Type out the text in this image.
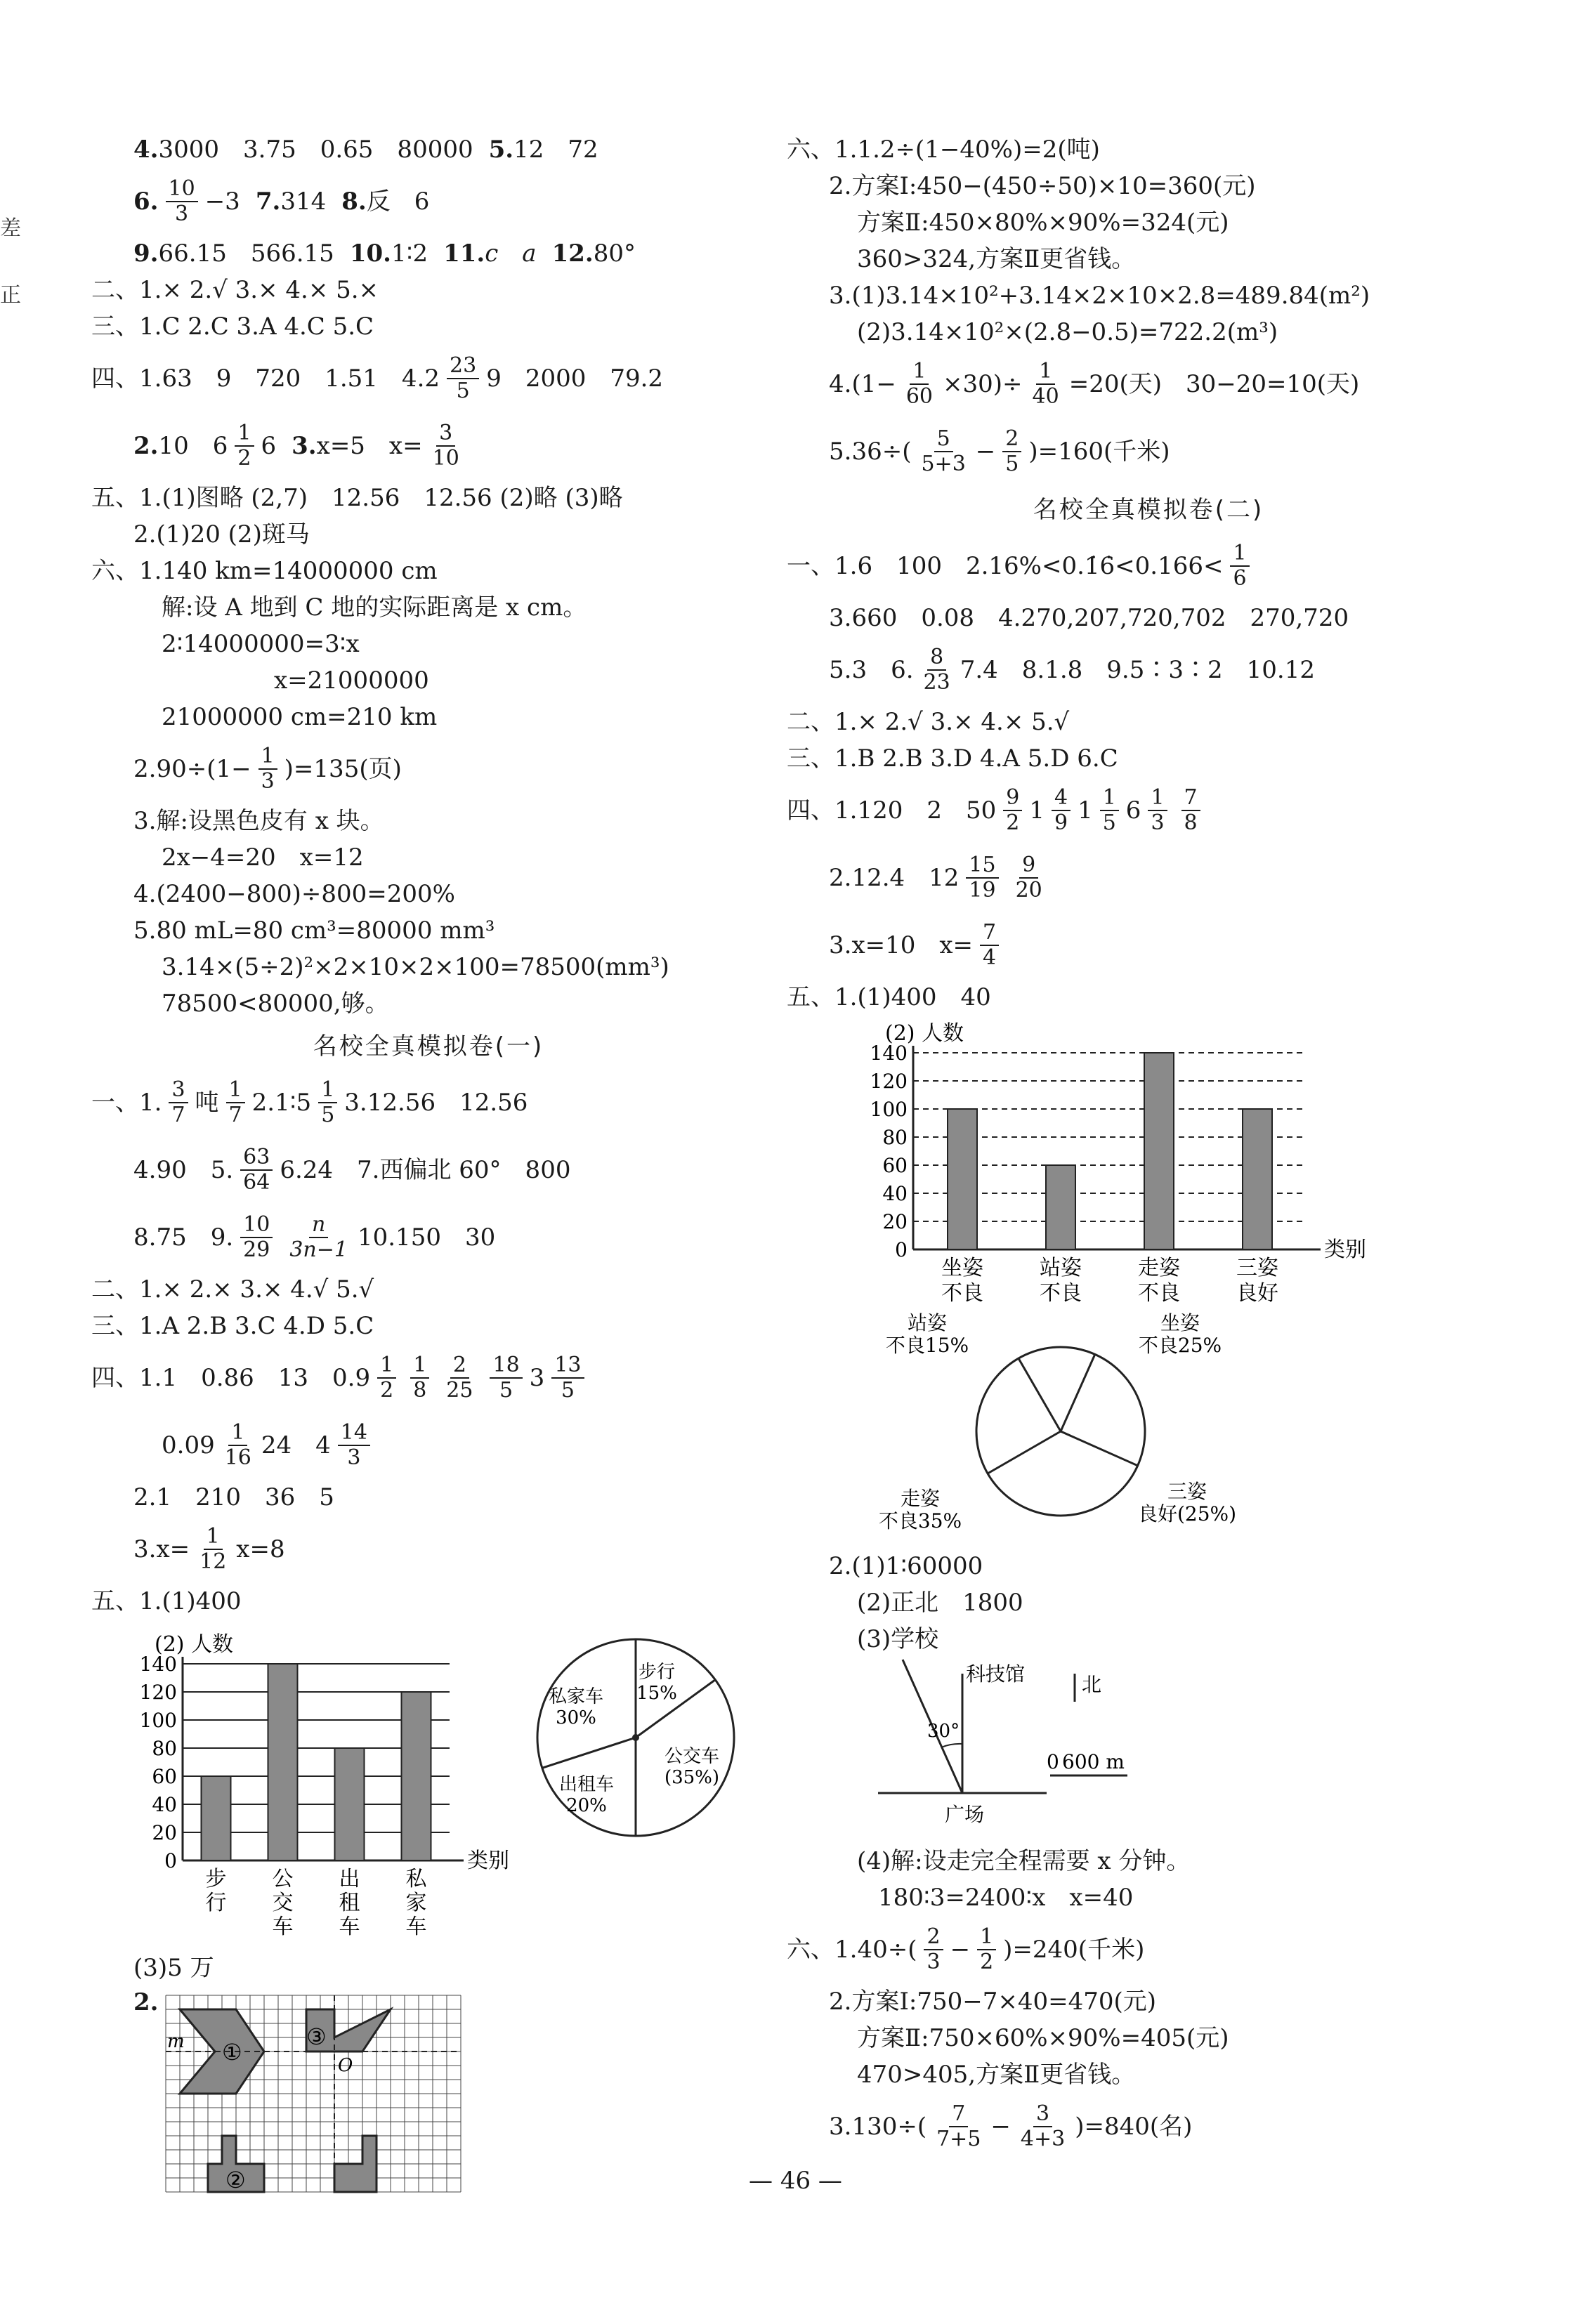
差
正
4. 3000　3.75　0.65　80000 5. 12　72
6. $\frac{10}{3} -3$ 7. 314 8. 反　6
9. 66.15　566.15 10. 1∶2 11. c　a 12. 80°
二、 1.× 2.√ 3.× 4.× 5.×
三、 1.C 2.C 3.A 4.C 5.C
四、 1.63　9　720　1.51　$4.2 \frac{23}{5} 9$　2000　79.2
2. 10　$6 \frac{1}{2} 6$ 3. x=5　$x= \frac{3}{10}$
五、 1.(1)图略 (2,7)　12.56　12.56 (2)略 (3)略
2.(1)20 (2)斑马
六、 1.140 km=14000000 cm
解:设 A 地到 C 地的实际距离是 x cm。
2∶14000000=3∶x
x=21000000
21000000 cm=210 km
$2.90\div(1- \frac{1}{3} )=135$(页)
3.解:设黑色皮有 x 块。
2x−4=20　x=12
4.(2400−800)÷800=200%
5.80 mL=80 cm³=80000 mm³
3.14×(5÷2)²×2×10×2×100=78500(mm³)
78500<80000,够。
名校全真模拟卷(一)
一、 1. $\frac{3}{7}$ 吨 $\frac{1}{7}$ 2.1∶5 $\frac{1}{5} 3.12.56$　12.56
4.90　5. $\frac{63}{64} 6.24$　7.西偏北 60°　800
8.75　9. $\frac{10}{29} \frac{n}{3n-1} 10.150$　30
二、 1.× 2.× 3.× 4.√ 5.√
三、 1.A 2.B 3.C 4.D 5.C
四、 1.1　0.86　13　$0.9 \frac{1}{2} \frac{1}{8} \frac{2}{25} \frac{18}{5} 3 \frac{13}{5}$
$0.09 \frac{1}{16} 24$　$4 \frac{14}{3}$
2.1　210　36　5
$3.x= \frac{1}{12} x=8$
五、 1.(1)400
(2) 人数
0
20
40
60
80
100
120
140
类别
步
行
公
交
车
出
租
车
私
家
车
步行
15%
公交车
(35%)
出租车
20%
私家车
30%
(3)5 万
2.
m
O
①
③
②
六、 1.1.2÷(1−40%)=2(吨)
2.方案Ⅰ:450−(450÷50)×10=360(元)
方案Ⅱ:450×80%×90%=324(元)
360>324,方案Ⅱ更省钱。
3.(1)3.14×10²+3.14×2×10×2.8=489.84(m²)
(2)3.14×10²×(2.8−0.5)=722.2(m³)
$4.(1- \frac{1}{60} \times 30)\div \frac{1}{40} =20$(天)　30−20=10(天)
$5.36\div( \frac{5}{5+3} - \frac{2}{5} )=160$(千米)
名校全真模拟卷(二)
一、 1.6　100　2.16%<0.1̇6̇<0.166< $\frac{1}{6}$
3.660　0.08　4.270,207,720,702　270,720
5.3　6. $\frac{8}{23} 7.4$　8.1.8　9.5∶3∶2　10.12
二、 1.× 2.√ 3.× 4.× 5.√
三、 1.B 2.B 3.D 4.A 5.D 6.C
四、 1.120　2　$50 \frac{9}{2} 1 \frac{4}{9} 1 \frac{1}{5} 6 \frac{1}{3} \frac{7}{8}$
2.12.4　$12 \frac{15}{19} \frac{9}{20}$
3.x=10　$x= \frac{7}{4}$
五、 1.(1)400　40
(2) 人数
0
20
40
60
80
100
120
140
类别
坐姿
不良
站姿
不良
走姿
不良
三姿
良好
站姿
不良15%
坐姿
不良25%
走姿
不良35%
三姿
良好(25%)
2.(1)1∶60000
(2)正北　1800
(3)学校
30°
科技馆	北
广场
0 600 m
(4)解:设走完全程需要 x 分钟。
180∶3=2400∶x　x=40
六、 $1.40\div( \frac{2}{3} - \frac{1}{2} )=240$(千米)
2.方案Ⅰ:750−7×40=470(元)
方案Ⅱ:750×60%×90%=405(元)
470>405,方案Ⅱ更省钱。
$3.130\div( \frac{7}{7+5} - \frac{3}{4+3} )=840$(名)
— 46 —
